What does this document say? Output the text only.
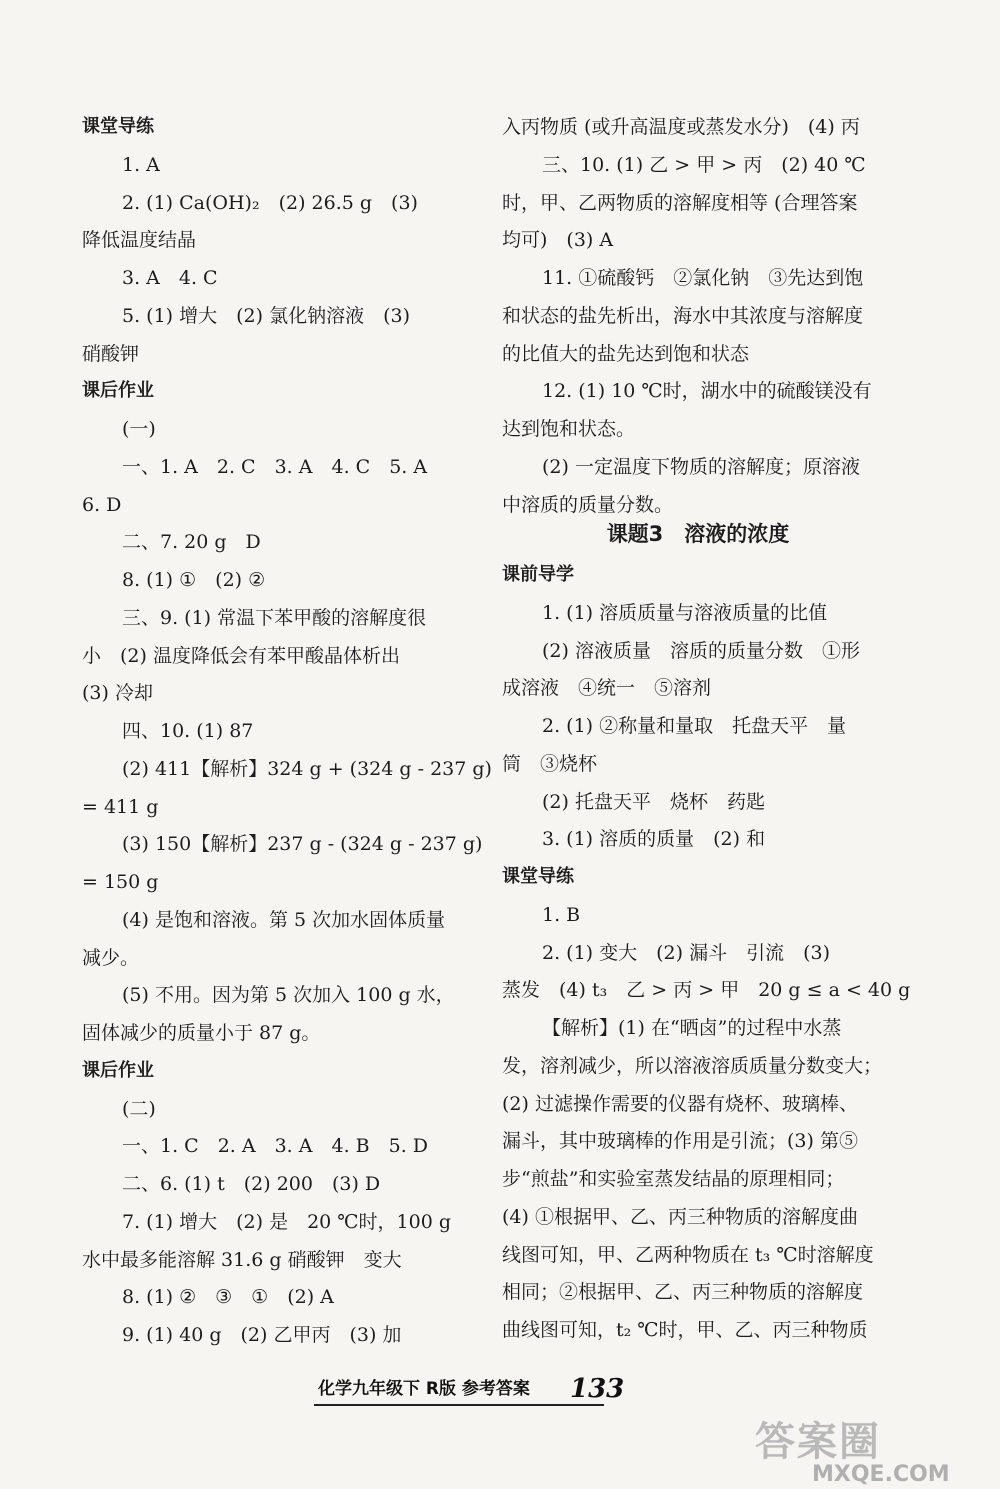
课堂导练
1. A
2. (1) Ca(OH)₂　(2) 26.5 g　(3)
降低温度结晶
3. A　4. C
5. (1) 增大　(2) 氯化钠溶液　(3)
硝酸钾
课后作业
(一)
一、1. A　2. C　3. A　4. C　5. A
6. D
二、7. 20 g　D
8. (1) ①　(2) ②
三、9. (1) 常温下苯甲酸的溶解度很
小　(2) 温度降低会有苯甲酸晶体析出
(3) 冷却
四、10. (1) 87
(2) 411【解析】324 g + (324 g - 237 g)
= 411 g
(3) 150【解析】237 g - (324 g - 237 g)
= 150 g
(4) 是饱和溶液。第 5 次加水固体质量
减少。
(5) 不用。因为第 5 次加入 100 g 水，
固体减少的质量小于 87 g。
课后作业
(二)
一、1. C　2. A　3. A　4. B　5. D
二、6. (1) t　(2) 200　(3) D
7. (1) 增大　(2) 是　20 ℃时，100 g
水中最多能溶解 31.6 g 硝酸钾　变大
8. (1) ②　③　①　(2) A
9. (1) 40 g　(2) 乙甲丙　(3) 加
入丙物质 (或升高温度或蒸发水分)　(4) 丙
三、10. (1) 乙 > 甲 > 丙　(2) 40 ℃
时，甲、乙两物质的溶解度相等 (合理答案
均可)　(3) A
11. ①硫酸钙　②氯化钠　③先达到饱
和状态的盐先析出，海水中其浓度与溶解度
的比值大的盐先达到饱和状态
12. (1) 10 ℃时，湖水中的硫酸镁没有
达到饱和状态。
(2) 一定温度下物质的溶解度；原溶液
中溶质的质量分数。
课题3　溶液的浓度
课前导学
1. (1) 溶质质量与溶液质量的比值
(2) 溶液质量　溶质的质量分数　①形
成溶液　④统一　⑤溶剂
2. (1) ②称量和量取　托盘天平　量
筒　③烧杯
(2) 托盘天平　烧杯　药匙
3. (1) 溶质的质量　(2) 和
课堂导练
1. B
2. (1) 变大　(2) 漏斗　引流　(3)
蒸发　(4) t₃　乙 > 丙 > 甲　20 g ≤ a < 40 g
【解析】(1) 在“晒卤”的过程中水蒸
发，溶剂减少，所以溶液溶质质量分数变大；
(2) 过滤操作需要的仪器有烧杯、玻璃棒、
漏斗，其中玻璃棒的作用是引流；(3) 第⑤
步“煎盐”和实验室蒸发结晶的原理相同；
(4) ①根据甲、乙、丙三种物质的溶解度曲
线图可知，甲、乙两种物质在 t₃ ℃时溶解度
相同；②根据甲、乙、丙三种物质的溶解度
曲线图可知，t₂ ℃时，甲、乙、丙三种物质
化学九年级下 R版 参考答案 133
答案圈
MXQE.COM
